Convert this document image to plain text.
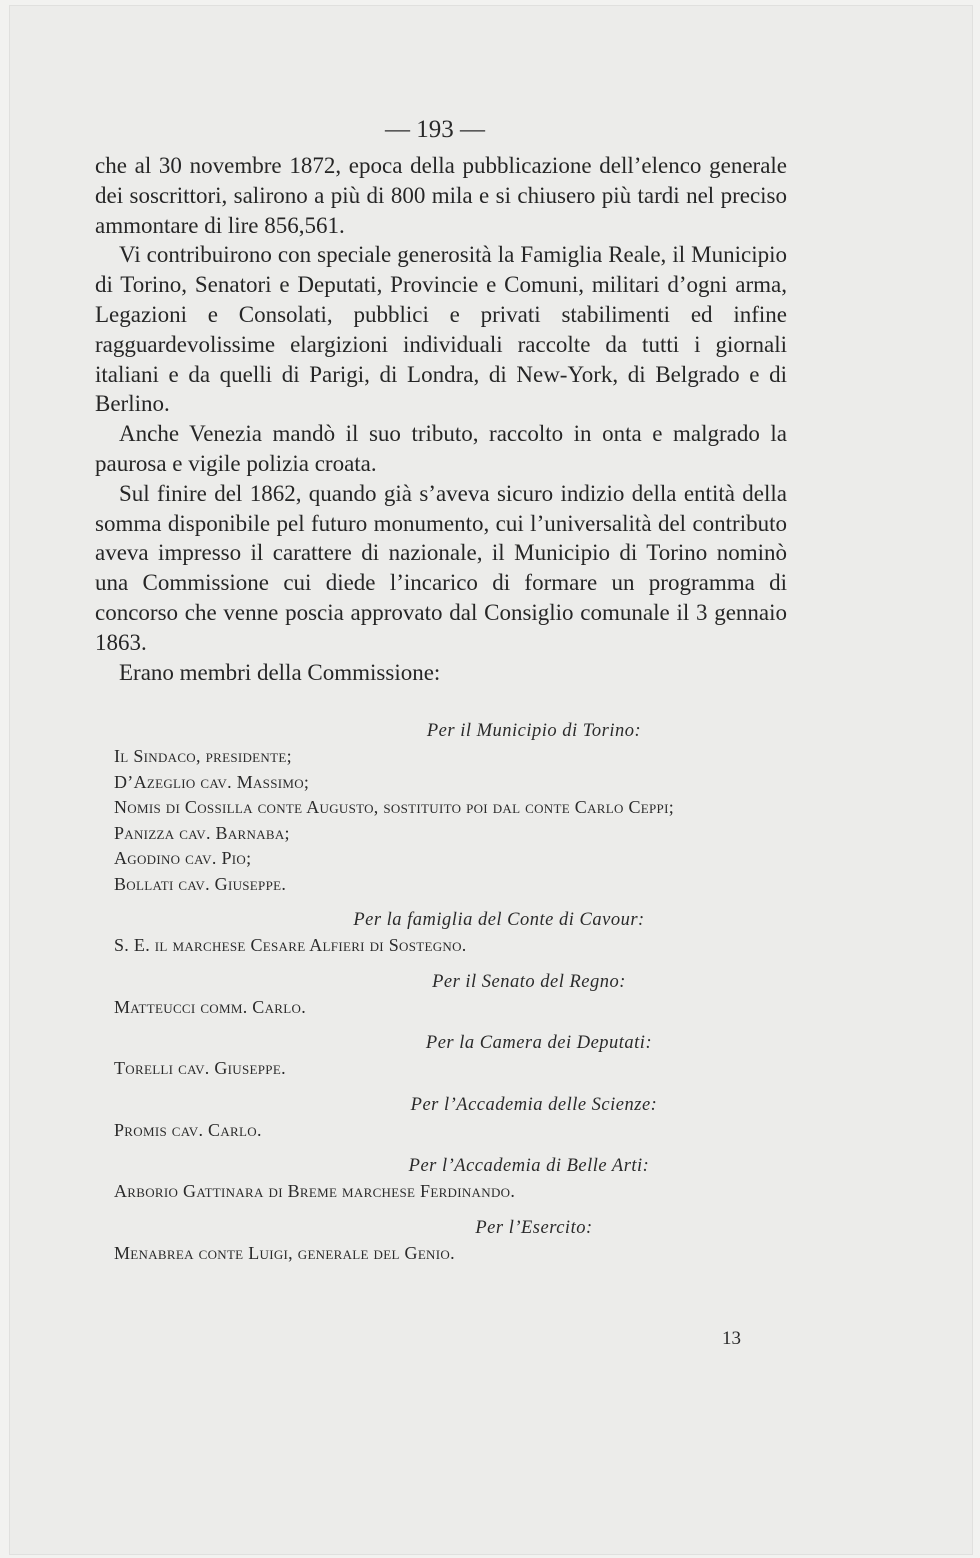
— 193 —

che al 30 novembre 1872, epoca della pubblicazione dell’elenco generale dei soscrittori, salirono a più di 800 mila e si chiusero più tardi nel preciso ammontare di lire 856,561.

Vi contribuirono con speciale generosità la Famiglia Reale, il Municipio di Torino, Senatori e Deputati, Provincie e Comuni, militari d’ogni arma, Legazioni e Consolati, pubblici e privati stabilimenti ed infine ragguardevolissime elargizioni individuali raccolte da tutti i giornali italiani e da quelli di Parigi, di Londra, di New-York, di Belgrado e di Berlino.

Anche Venezia mandò il suo tributo, raccolto in onta e malgrado la paurosa e vigile polizia croata.

Sul finire del 1862, quando già s’aveva sicuro indizio della entità della somma disponibile pel futuro monumento, cui l’universalità del contributo aveva impresso il carattere di nazionale, il Municipio di Torino nominò una Commissione cui diede l’incarico di formare un programma di concorso che venne poscia approvato dal Consiglio comunale il 3 gennaio 1863.

Erano membri della Commissione:

Per il Municipio di Torino:
Il Sindaco, presidente;
D’Azeglio cav. Massimo;
Nomis di Cossilla conte Augusto, sostituito poi dal conte Carlo Ceppi;
Panizza cav. Barnaba;
Agodino cav. Pio;
Bollati cav. Giuseppe.
Per la famiglia del Conte di Cavour:
S. E. il marchese Cesare Alfieri di Sostegno.
Per il Senato del Regno:
Matteucci comm. Carlo.
Per la Camera dei Deputati:
Torelli cav. Giuseppe.
Per l’Accademia delle Scienze:
Promis cav. Carlo.
Per l’Accademia di Belle Arti:
Arborio Gattinara di Breme marchese Ferdinando.
Per l’Esercito:
Menabrea conte Luigi, generale del Genio.
13
